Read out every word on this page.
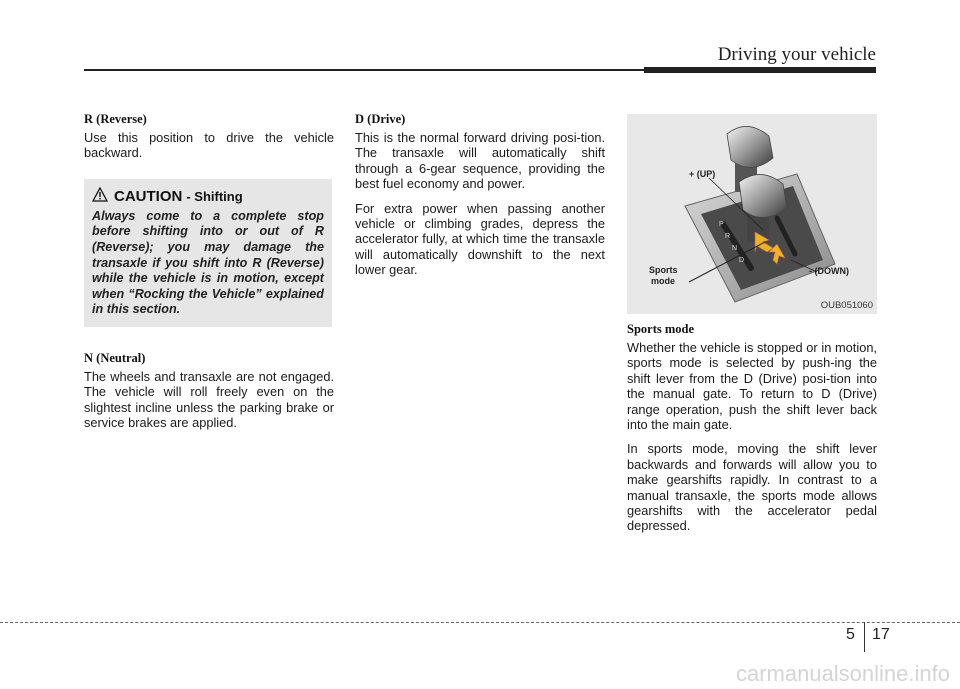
Driving your vehicle
R (Reverse)

Use this position to drive the vehicle backward.

CAUTION - Shifting
Always come to a complete stop before shifting into or out of R (Reverse); you may damage the transaxle if you shift into R (Reverse) while the vehicle is in motion, except when “Rocking the Vehicle” explained in this section.
N (Neutral)

The wheels and transaxle are not engaged. The vehicle will roll freely even on the slightest incline unless the parking brake or service brakes are applied.

D (Drive)

This is the normal forward driving posi-tion. The transaxle will automatically shift through a 6-gear sequence, providing the best fuel economy and power.

For extra power when passing another vehicle or climbing grades, depress the accelerator fully, at which time the transaxle will automatically downshift to the next lower gear.

P
R
N
D
+ (UP)
- (DOWN)
Sports
mode
OUB051060
Sports mode

Whether the vehicle is stopped or in motion, sports mode is selected by push-ing the shift lever from the D (Drive) posi-tion into the manual gate. To return to D (Drive) range operation, push the shift lever back into the main gate.

In sports mode, moving the shift lever backwards and forwards will allow you to make gearshifts rapidly. In contrast to a manual transaxle, the sports mode allows gearshifts with the accelerator pedal depressed.

5 17
carmanualsonline.info
